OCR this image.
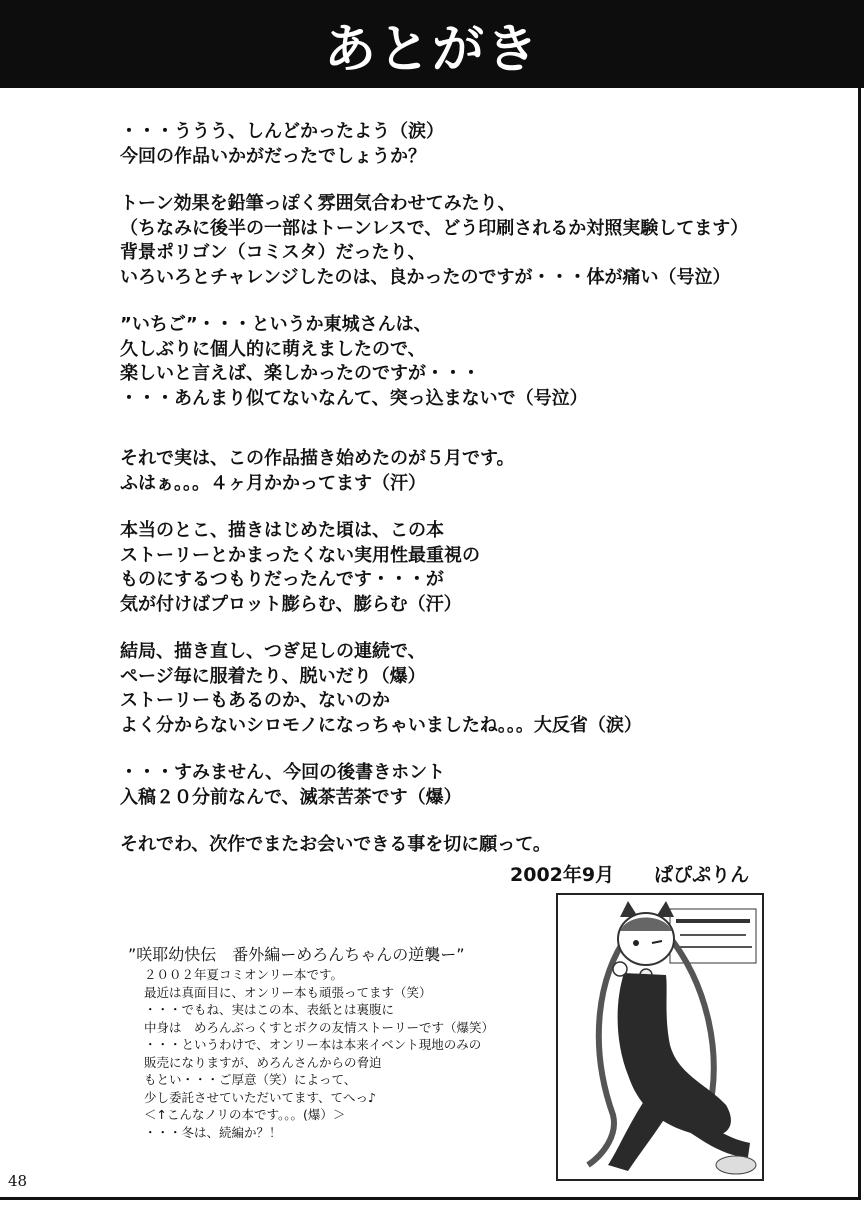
あとがき
・・・ううう、しんどかったよう（涙）
今回の作品いかがだったでしょうか？
トーン効果を鉛筆っぽく雰囲気合わせてみたり、
（ちなみに後半の一部はトーンレスで、どう印刷されるか対照実験してます）
背景ポリゴン（コミスタ）だったり、
いろいろとチャレンジしたのは、良かったのですが・・・体が痛い（号泣）
”いちご”・・・というか東城さんは、
久しぶりに個人的に萌えましたので、
楽しいと言えば、楽しかったのですが・・・
・・・あんまり似てないなんて、突っ込まないで（号泣）
それで実は、この作品描き始めたのが５月です。
ふはぁ。。。４ヶ月かかってます（汗）
本当のとこ、描きはじめた頃は、この本
ストーリーとかまったくない実用性最重視の
ものにするつもりだったんです・・・が
気が付けばプロット膨らむ、膨らむ（汗）
結局、描き直し、つぎ足しの連続で、
ページ毎に服着たり、脱いだり（爆）
ストーリーもあるのか、ないのか
よく分からないシロモノになっちゃいましたね。。。大反省（涙）
・・・すみません、今回の後書きホント
入稿２０分前なんで、滅茶苦茶です（爆）
それでわ、次作でまたお会いできる事を切に願って。
2002年9月 ぱぴぷりん
”咲耶幼快伝　番外編ーめろんちゃんの逆襲ー”
２００２年夏コミオンリー本です。
最近は真面目に、オンリー本も頑張ってます（笑）
・・・でもね、実はこの本、表紙とは裏腹に
中身は　めろんぶっくすとボクの友情ストーリーです（爆笑）
・・・というわけで、オンリー本は本来イベント現地のみの
販売になりますが、めろんさんからの脅迫
もとい・・・ご厚意（笑）によって、
少し委託させていただいてます、てへっ♪
＜↑こんなノリの本です。。。(爆）＞
・・・冬は、続編か？！
48
